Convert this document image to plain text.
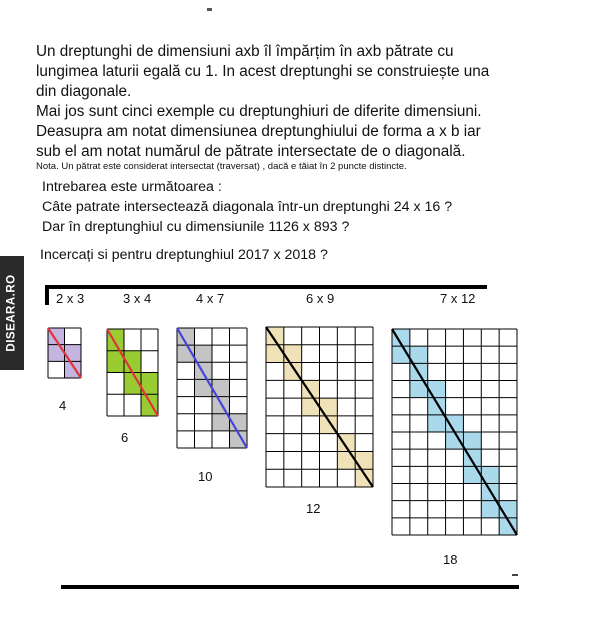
Un dreptunghi de dimensiuni axb îl împărțim în axb pătrate cu
lungimea laturii egală cu 1. In acest dreptunghi se construiește una
din diagonale.
Mai jos sunt cinci exemple cu dreptunghiuri de diferite dimensiuni.
Deasupra am notat dimensiunea dreptunghiului de forma a x b iar
sub el am notat numărul de pătrate intersectate de o diagonală.
Nota. Un pătrat este considerat intersectat (traversat) , dacă e tăiat în 2 puncte distincte.
Intrebarea este următoarea :
Câte patrate intersectează diagonala într-un dreptunghi 24 x 16 ?
Dar în dreptunghiul cu dimensiunile 1126 x 893 ?
Incercați si pentru dreptunghiul 2017 x 2018 ?
DISEARA.RO	2 x 3	3 x 4	4 x 7	6 x 9	7 x 12
4
6
10
12
18
